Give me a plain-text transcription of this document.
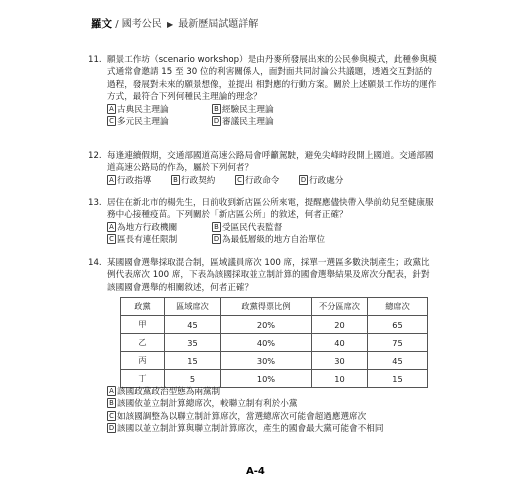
羅文 / 國考公民 ▶ 最新歷屆試題詳解
11. 願景工作坊（scenario workshop）是由丹麥所發展出來的公民參與模式，此種參與模式通常會邀請 15 至 30 位的利害關係人，面對面共同討論公共議題，透過交互對話的過程，發展對未來的願景想像，並提出 相對應的行動方案。關於上述願景工作坊的運作方式，最符合下列何種民主理論的理念？
A 古典民主理論	B 經驗民主理論
C 多元民主理論	D 審議民主理論
12. 每逢連續假期，交通部國道高速公路局會呼籲駕駛，避免尖峰時段開上國道。交通部國道高速公路局的作為，屬於下列何者？
A 行政指導	B 行政契約	C 行政命令	D 行政處分
13. 居住在新北市的楊先生，日前收到新店區公所來電，提醒應儘快帶入學前幼兒至健康服務中心接種疫苗。下列關於「新店區公所」的敘述，何者正確？
A 為地方行政機關	B 受區民代表監督
C 區長有連任限制	D 為最低層級的地方自治單位
14. 某國國會選舉採取混合制，區域議員席次 100 席，採單一選區多數決制產生；政黨比例代表席次 100 席，下表為該國採取並立制計算的國會選舉結果及席次分配表，針對該國國會選舉的相關敘述，何者正確？
政黨	區域席次	政黨得票比例	不分區席次	總席次
甲	45	20%	20	65
乙	35	40%	40	75
丙	15	30%	30	45
丁	5	10%	10	15
A 該國政黨政治型態為兩黨制
B 該國依並立制計算總席次，較聯立制有利於小黨
C 如該國調整為以聯立制計算席次，當選總席次可能會超過應選席次
D 該國以並立制計算與聯立制計算席次，產生的國會最大黨可能會不相同
A-4
